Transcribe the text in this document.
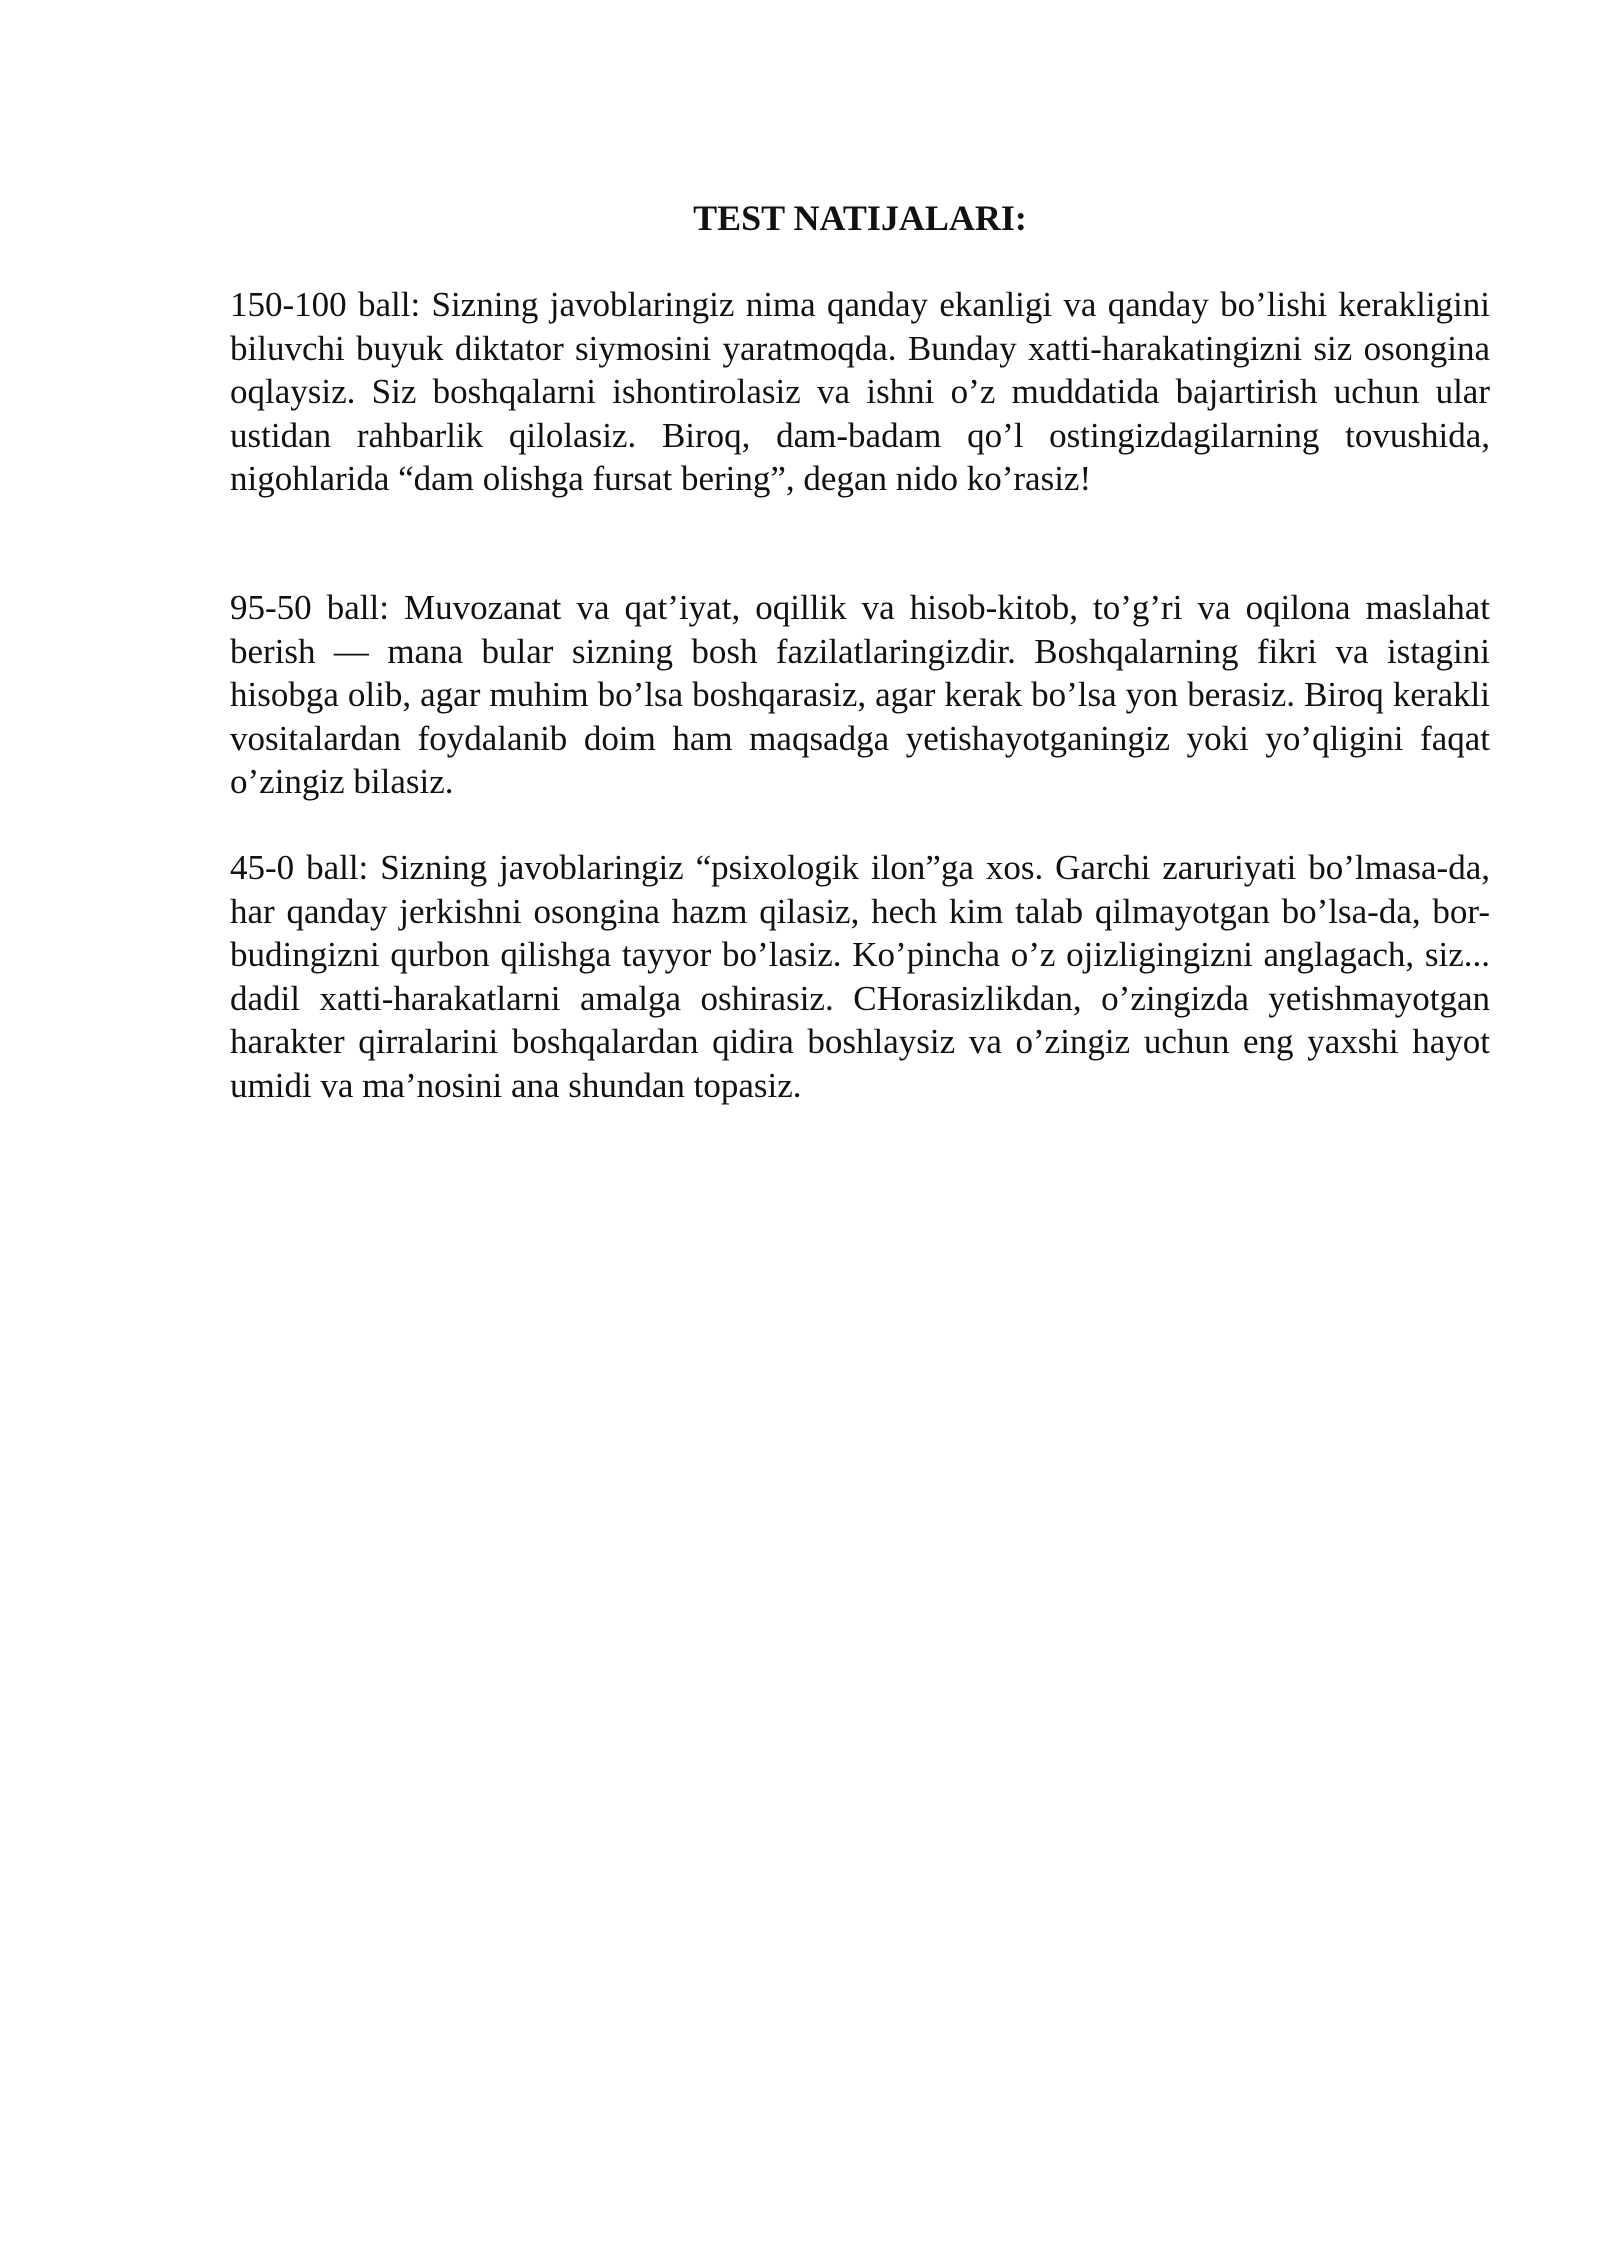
TEST NATIJALARI:

150-100 ball: Sizning javoblaringiz nima qanday ekanligi va qanday bo’lishi kerakligini biluvchi buyuk diktator siymosini yaratmoqda. Bunday xatti-harakatingizni siz osongina oqlaysiz. Siz boshqalarni ishontirolasiz va ishni o’z muddatida bajartirish uchun ular ustidan rahbarlik qilolasiz. Biroq, dam-badam qo’l ostingizdagilarning tovushida, nigohlarida “dam olishga fursat bering”, degan nido ko’rasiz!

95-50 ball: Muvozanat va qat’iyat, oqillik va hisob-kitob, to’g’ri va oqilona maslahat berish — mana bular sizning bosh fazilatlaringizdir. Boshqalarning fikri va istagini hisobga olib, agar muhim bo’lsa boshqarasiz, agar kerak bo’lsa yon berasiz. Biroq kerakli vositalardan foydalanib doim ham maqsadga yetishayotganingiz yoki yo’qligini faqat o’zingiz bilasiz.

45-0 ball: Sizning javoblaringiz “psixologik ilon”ga xos. Garchi zaruriyati bo’lmasa-da, har qanday jerkishni osongina hazm qilasiz, hech kim talab qilmayotgan bo’lsa-da, bor-budingizni qurbon qilishga tayyor bo’lasiz. Ko’pincha o’z ojizligingizni anglagach, siz... dadil xatti-harakatlarni amalga oshirasiz. CHorasizlikdan, o’zingizda yetishmayotgan harakter qirralarini boshqalardan qidira boshlaysiz va o’zingiz uchun eng yaxshi hayot umidi va ma’nosini ana shundan topasiz.
